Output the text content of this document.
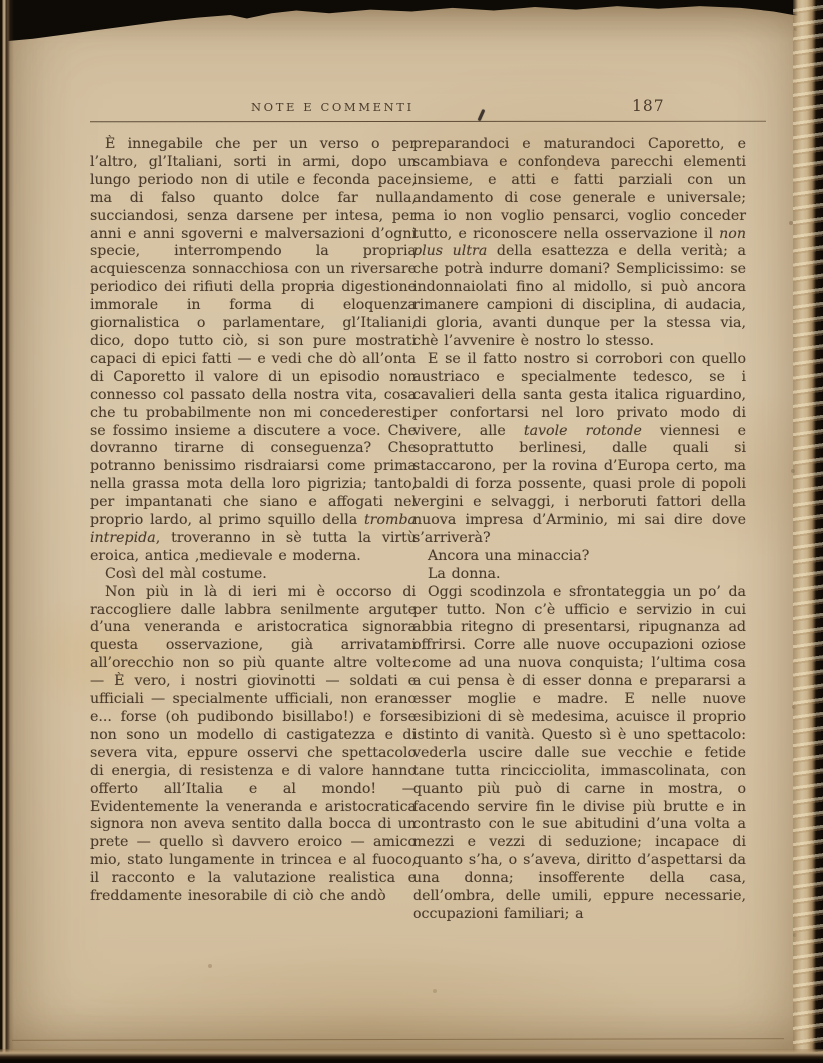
NOTE E COMMENTI	187

È innegabile che per un verso o per l’altro, gl’Italiani, sorti in armi, dopo un lungo periodo non di utile e feconda pace, ma di falso quanto dolce far nulla, succiandosi, senza darsene per intesa, per anni e anni sgoverni e malversazioni d’ogni specie, interrompendo la propria acquiescenza sonnacchiosa con un riversare periodico dei rifiuti della propria digestione immorale in forma di eloquenza giornalistica o parlamentare, gl’Italiani, dico, dopo tutto ciò, si son pure mostrati capaci di epici fatti — e vedi che dò all’onta di Caporetto il valore di un episodio non connesso col passato della nostra vita, cosa che tu probabilmente non mi concederesti, se fossimo insieme a discutere a voce. Che dovranno tirarne di conseguenza? Che potranno benissimo risdraiarsi come prima nella grassa mota della loro pigrizia; tanto, per impantanati che siano e affogati nel proprio lardo, al primo squillo della tromba intrepida, troveranno in sè tutta la virtù eroica, antica ,medievale e moderna.

Così del màl costume.

Non più in là di ieri mi è occorso di raccogliere dalle labbra senilmente argute d’una veneranda e aristocratica signora questa osservazione, già arrivatami all’orecchio non so più quante altre volte: — È vero, i nostri giovinotti — soldati e ufficiali — specialmente ufficiali, non erano e... forse (oh pudibondo bisillabo!) e forse non sono un modello di castigatezza e di severa vita, eppure osservi che spettacolo di energia, di resistenza e di valore hanno offerto all’Italia e al mondo! — Evidentemente la veneranda e aristocratica signora non aveva sentito dalla bocca di un prete — quello sì davvero eroico — amico mio, stato lungamente in trincea e al fuoco, il racconto e la valutazione realistica e freddamente inesorabile di ciò che andò

preparandoci e maturandoci Caporetto, e scambiava e confondeva parecchi elementi insieme, e atti e fatti parziali con un andamento di cose generale e universale; ma io non voglio pensarci, voglio conceder tutto, e riconoscere nella osservazione il non plus ultra della esattezza e della verità; a che potrà indurre domani? Semplicissimo: se indonnaiolati fino al midollo, si può ancora rimanere campioni di disciplina, di audacia, di gloria, avanti dunque per la stessa via, chè l’avvenire è nostro lo stesso.

E se il fatto nostro si corrobori con quello austriaco e specialmente tedesco, se i cavalieri della santa gesta italica riguardino, per confortarsi nel loro privato modo di vivere, alle tavole rotonde viennesi e soprattutto berlinesi, dalle quali si staccarono, per la rovina d’Europa certo, ma baldi di forza possente, quasi prole di popoli vergini e selvaggi, i nerboruti fattori della nuova impresa d’Arminio, mi sai dire dove s’arriverà?

Ancora una minaccia?

La donna.

Oggi scodinzola e sfrontateggia un po’ da per tutto. Non c’è ufficio e servizio in cui abbia ritegno di presentarsi, ripugnanza ad offrirsi. Corre alle nuove occupazioni oziose come ad una nuova conquista; l’ultima cosa a cui pensa è di esser donna e prepararsi a esser moglie e madre. E nelle nuove esibizioni di sè medesima, acuisce il proprio istinto di vanità. Questo sì è uno spettacolo: vederla uscire dalle sue vecchie e fetide tane tutta rincicciolita, immascolinata, con quanto più può di carne in mostra, o facendo servire fin le divise più brutte e in contrasto con le sue abitudini d’una volta a mezzi e vezzi di seduzione; incapace di quanto s’ha, o s’aveva, diritto d’aspettarsi da una donna; insofferente della casa, dell’ombra, delle umili, eppure necessarie, occupazioni familiari; a
